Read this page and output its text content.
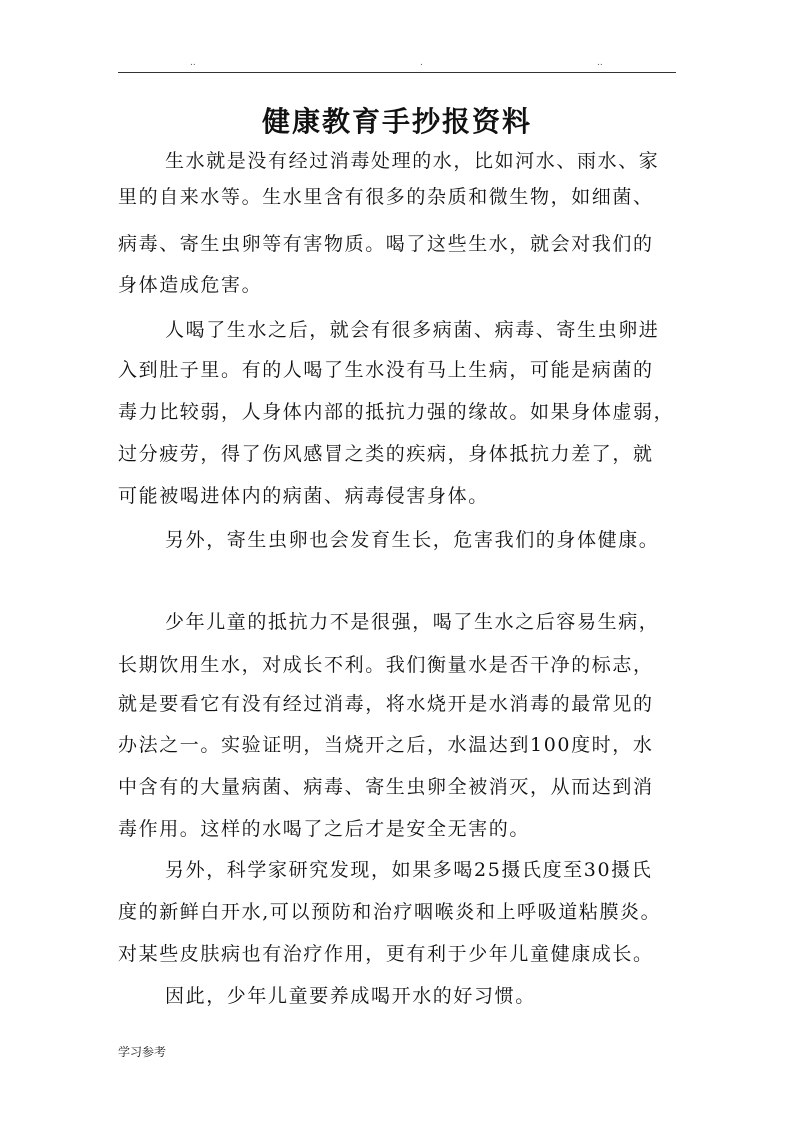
..	.	..
健康教育手抄报资料
生水就是没有经过消毒处理的水，比如河水、雨水、家
里的自来水等。生水里含有很多的杂质和微生物，如细菌、
病毒、寄生虫卵等有害物质。喝了这些生水，就会对我们的
身体造成危害。
人喝了生水之后，就会有很多病菌、病毒、寄生虫卵进
入到肚子里。有的人喝了生水没有马上生病，可能是病菌的
毒力比较弱，人身体内部的抵抗力强的缘故。如果身体虚弱，
过分疲劳，得了伤风感冒之类的疾病，身体抵抗力差了，就
可能被喝进体内的病菌、病毒侵害身体。
另外，寄生虫卵也会发育生长，危害我们的身体健康。
少年儿童的抵抗力不是很强，喝了生水之后容易生病，
长期饮用生水，对成长不利。我们衡量水是否干净的标志，
就是要看它有没有经过消毒，将水烧开是水消毒的最常见的
办法之一。实验证明，当烧开之后，水温达到100度时，水
中含有的大量病菌、病毒、寄生虫卵全被消灭，从而达到消
毒作用。这样的水喝了之后才是安全无害的。
另外，科学家研究发现，如果多喝25摄氏度至30摄氏
度的新鲜白开水,可以预防和治疗咽喉炎和上呼吸道粘膜炎。
对某些皮肤病也有治疗作用，更有利于少年儿童健康成长。
因此，少年儿童要养成喝开水的好习惯。
学习参考
